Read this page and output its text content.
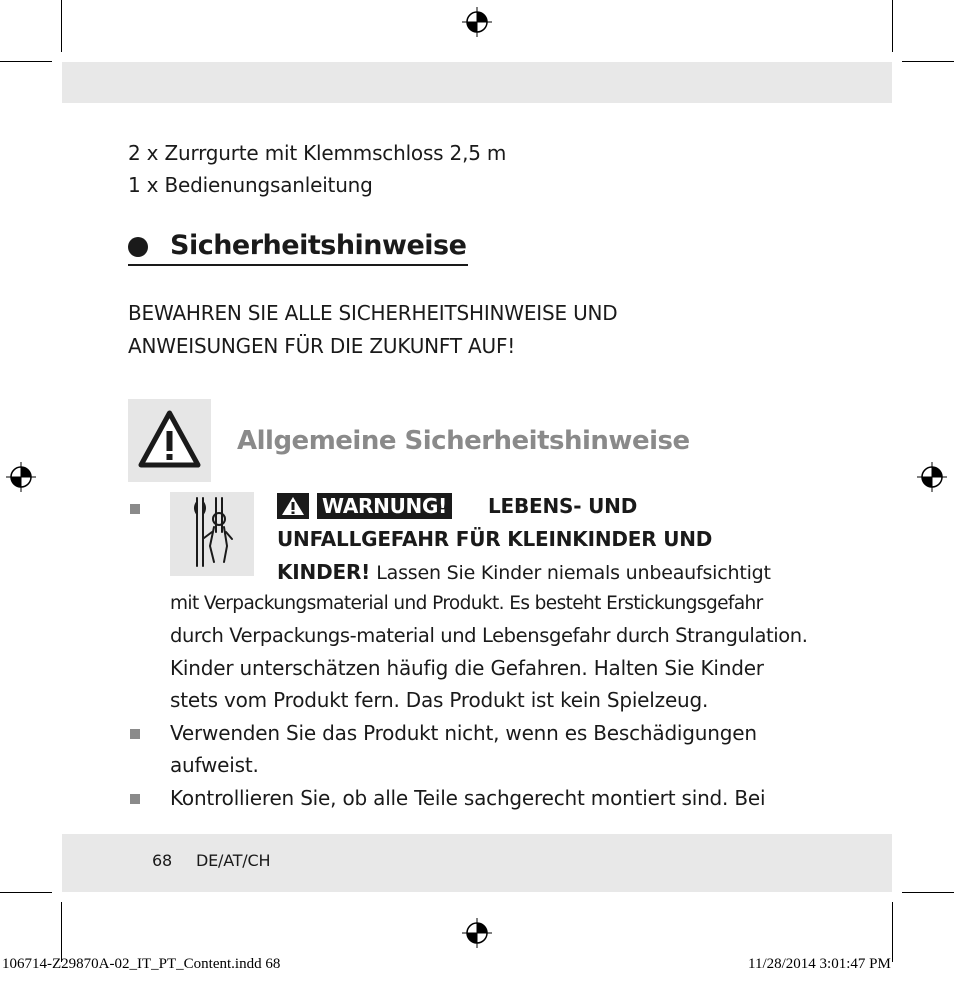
2 x Zurrgurte mit Klemmschloss 2,5 m
1 x Bedienungsanleitung
Sicherheitshinweise
BEWAHREN SIE ALLE SICHERHEITSHINWEISE UND
ANWEISUNGEN FÜR DIE ZUKUNFT AUF!
Allgemeine Sicherheitshinweise
WARNUNG! LEBENS- UND
UNFALLGEFAHR FÜR KLEINKINDER UND
KINDER! Lassen Sie Kinder niemals unbeaufsichtigt
mit Verpackungsmaterial und Produkt. Es besteht Erstickungsgefahr
durch Verpackungs-material und Lebensgefahr durch Strangulation.
Kinder unterschätzen häufig die Gefahren. Halten Sie Kinder
stets vom Produkt fern. Das Produkt ist kein Spielzeug.
Verwenden Sie das Produkt nicht, wenn es Beschädigungen
aufweist.
Kontrollieren Sie, ob alle Teile sachgerecht montiert sind. Bei
68 DE/AT/CH
106714-Z29870A-02_IT_PT_Content.indd 68	11/28/2014 3:01:47 PM
